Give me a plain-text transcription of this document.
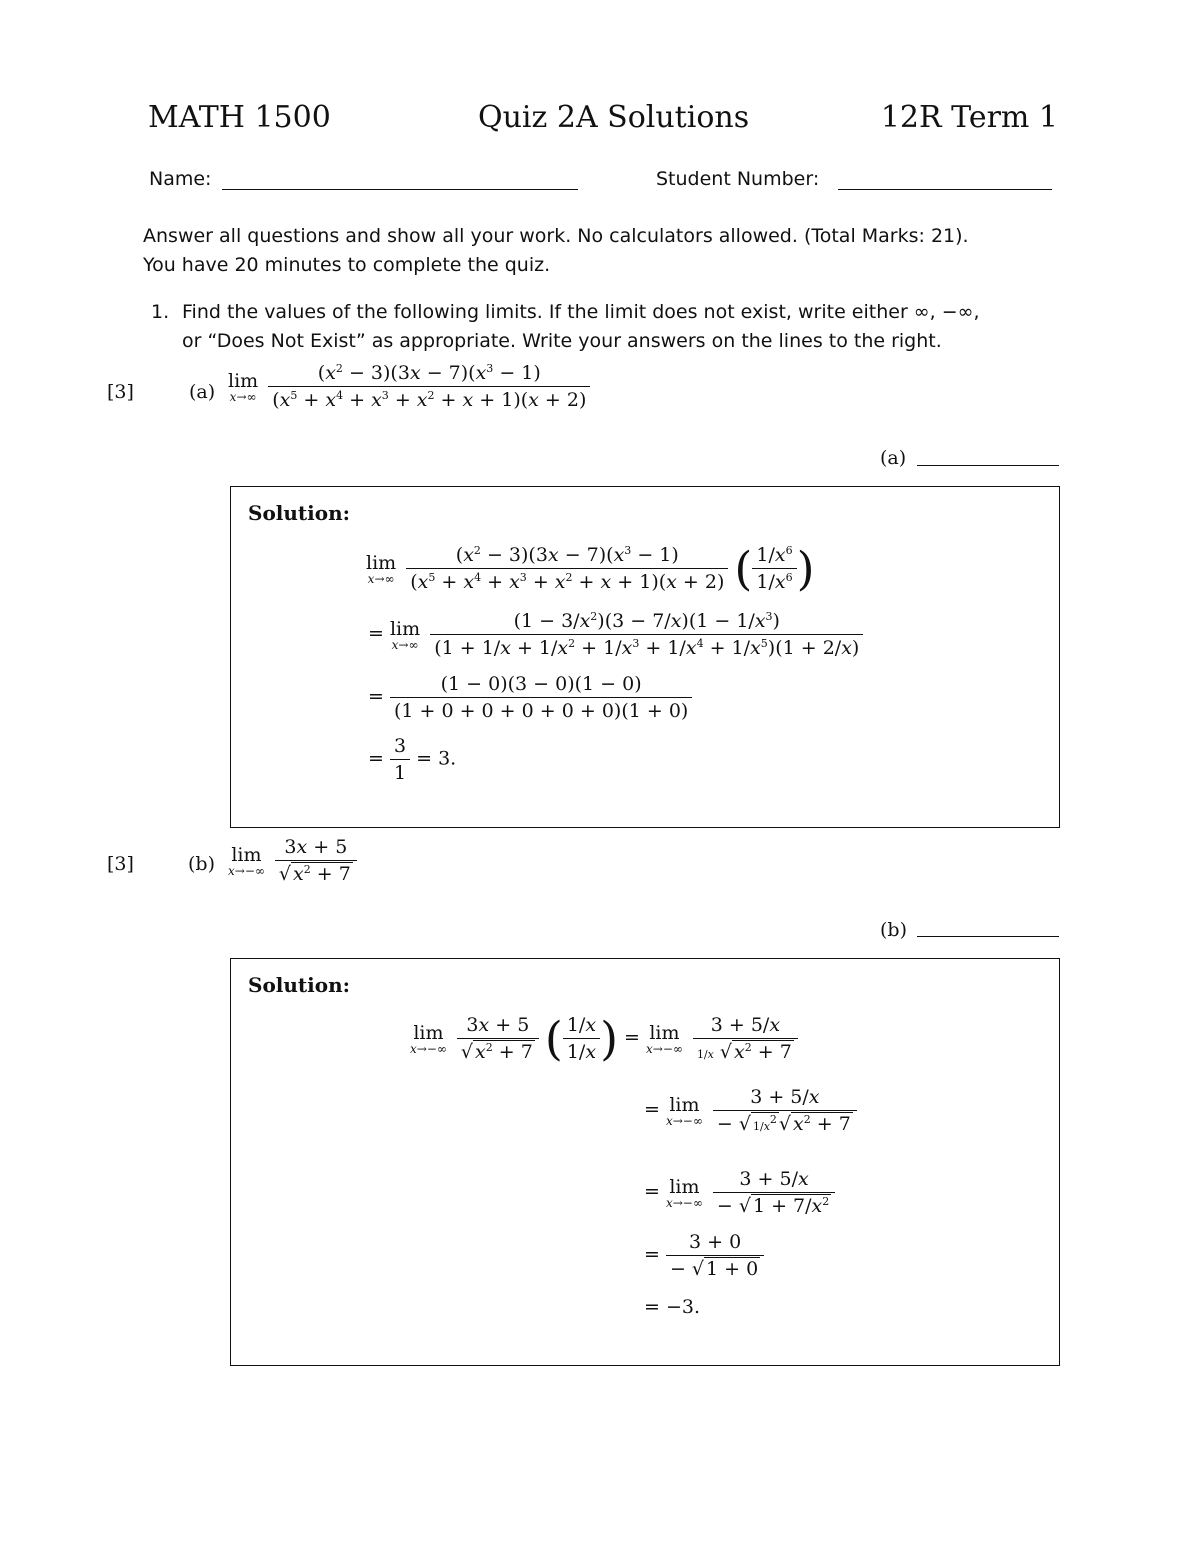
MATH 1500	Quiz 2A Solutions	12R Term 1
Name:	Student Number:
Answer all questions and show all your work. No calculators allowed. (Total Marks: 21).
You have 20 minutes to complete the quiz.
1. Find the values of the following limits. If the limit does not exist, write either ∞, −∞,
or “Does Not Exist” as appropriate. Write your answers on the lines to the right.
[3]	(a)
lim
x→∞
$\frac{(x^2 - 3)(3x - 7)(x^3 - 1)}{(x^5 + x^4 + x^3 + x^2 + x + 1)(x + 2)}$
(a)
Solution:
lim
x→∞
$\frac{(x^2 - 3)(3x - 7)(x^3 - 1)}{(x^5 + x^4 + x^3 + x^2 + x + 1)(x + 2)}$ ( $\frac{1/x^6}{1/x^6}$ )
= lim
x→∞
$\frac{(1 - 3/x^2)(3 - 7/x)(1 - 1/x^3)}{(1 + 1/x + 1/x^2 + 1/x^3 + 1/x^4 + 1/x^5)(1 + 2/x)}$
= $\frac{(1 - 0)(3 - 0)(1 - 0)}{(1 + 0 + 0 + 0 + 0 + 0)(1 + 0)}$
= $\frac{3}{1} = 3$.
[3]	(b) lim
x→−∞
$\frac{3x + 5}{√ x^2 + 7}$
(b)
Solution:
lim
x→−∞
$\frac{3x + 5}{√ x^2 + 7}$ ( $\frac{1/x}{1/x}$ ) = lim
x→−∞
$\frac{3 + 5/x}{1/x √ x^2 + 7}$
= lim
x→−∞
$\frac{3 + 5/x}{- √ 1/x^2 √ x^2 + 7}$
= lim
x→−∞
$\frac{3 + 5/x}{- √ 1 + 7/x^2}$
= $\frac{3 + 0}{- √ 1 + 0}$
= −3.
